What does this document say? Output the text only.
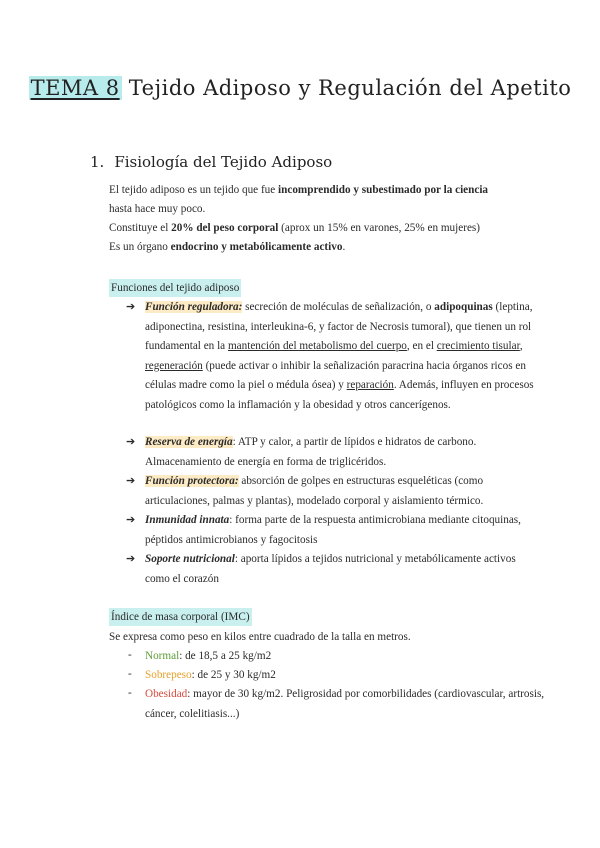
TEMA 8 Tejido Adiposo y Regulación del Apetito
1. Fisiología del Tejido Adiposo
El tejido adiposo es un tejido que fue incomprendido y subestimado por la ciencia
hasta hace muy poco.
Constituye el 20% del peso corporal (aprox un 15% en varones, 25% en mujeres)
Es un órgano endocrino y metabólicamente activo.
Funciones del tejido adiposo
➔ Función reguladora: secreción de moléculas de señalización, o adipoquinas (leptina, adiponectina, resistina, interleukina-6, y factor de Necrosis tumoral), que tienen un rol fundamental en la mantención del metabolismo del cuerpo, en el crecimiento tisular, regeneración (puede activar o inhibir la señalización paracrina hacia órganos ricos en células madre como la piel o médula ósea) y reparación. Además, influyen en procesos patológicos como la inflamación y la obesidad y otros cancerígenos.
➔ Reserva de energía: ATP y calor, a partir de lípidos e hidratos de carbono. Almacenamiento de energía en forma de triglicéridos.
➔ Función protectora: absorción de golpes en estructuras esqueléticas (como articulaciones, palmas y plantas), modelado corporal y aislamiento térmico.
➔ Inmunidad innata: forma parte de la respuesta antimicrobiana mediante citoquinas, péptidos antimicrobianos y fagocitosis
➔ Soporte nutricional: aporta lípidos a tejidos nutricional y metabólicamente activos como el corazón
Índice de masa corporal (IMC)
Se expresa como peso en kilos entre cuadrado de la talla en metros.
- Normal: de 18,5 a 25 kg/m2
- Sobrepeso: de 25 y 30 kg/m2
- Obesidad: mayor de 30 kg/m2. Peligrosidad por comorbilidades (cardiovascular, artrosis, cáncer, colelitiasis...)
